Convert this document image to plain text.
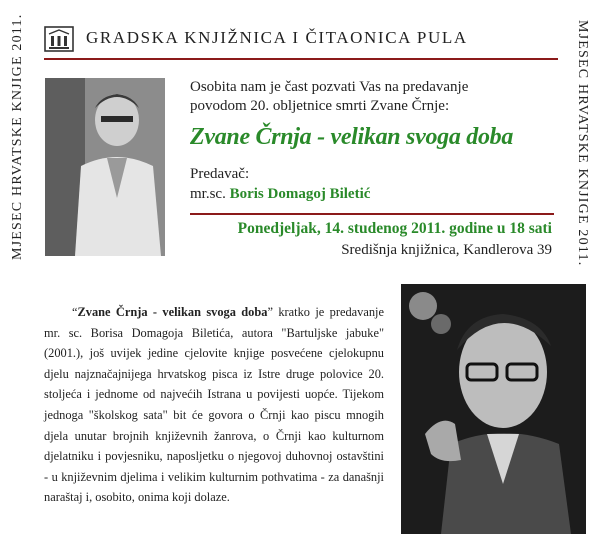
MJESEC HRVATSKE KNJIGE 2011.	MJESEC HRVATSKE KNJIGE 2011.
GRADSKA KNJIŽNICA I ČITAONICA PULA
Osobita nam je čast pozvati Vas na predavanje
povodom 20. obljetnice smrti Zvane Črnje:
Zvane Črnja - velikan svoga doba
Predavač:
mr.sc. Boris Domagoj Biletić
Ponedjeljak, 14. studenog 2011. godine u 18 sati
Središnja knjižnica, Kandlerova 39
“Zvane Črnja - velikan svoga doba” kratko je predavanje mr. sc. Borisa Domagoja Biletića, autora "Bartuljske jabuke" (2001.), još uvijek jedine cjelovite knjige posvećene cjelokupnu djelu najznačajnijega hrvatskog pisca iz Istre druge polovice 20. stoljeća i jednome od najvećih Istrana u povijesti uopće. Tijekom jednoga "školskog sata" bit će govora o Črnji kao piscu mnogih djela unutar brojnih književnih žanrova, o Črnji kao kulturnom djelatniku i povjesniku, naposljetku o njegovoj duhovnoj ostavštini - u književnim djelima i velikim kulturnim pothvatima - za današnji naraštaj i, osobito, onima koji dolaze.
